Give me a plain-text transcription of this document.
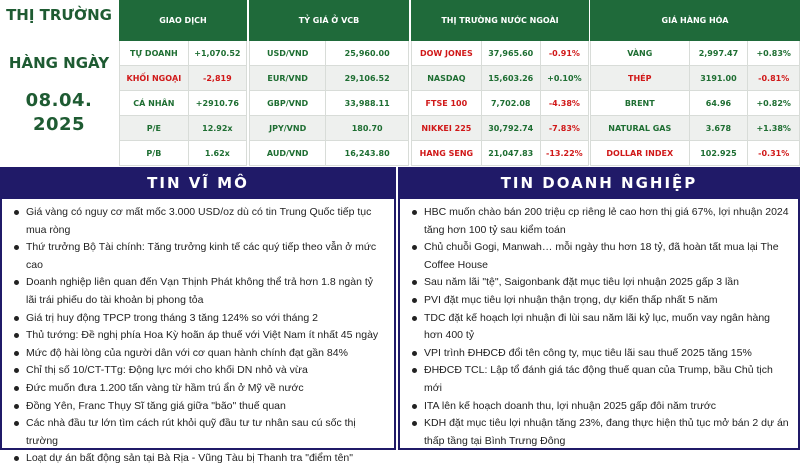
THỊ TRƯỜNG
HÀNG NGÀY
08.04.
2025
GIAO DỊCH	
TỰ DOANH	+1,070.52
KHỐI NGOẠI	-2,819
CÁ NHÂN	+2910.76
P/E	12.92x
P/B	1.62x
TỶ GIÁ Ở VCB	
USD/VND	25,960.00
EUR/VND	29,106.52
GBP/VND	33,988.11
JPY/VND	180.70
AUD/VND	16,243.80
THỊ TRƯỜNG NƯỚC NGOÀI		
DOW JONES	37,965.60	-0.91%
NASDAQ	15,603.26	+0.10%
FTSE 100	7,702.08	-4.38%
NIKKEI 225	30,792.74	-7.83%
HANG SENG	21,047.83	-13.22%
GIÁ HÀNG HÓA		
VÀNG	2,997.47	+0.83%
THÉP	3191.00	-0.81%
BRENT	64.96	+0.82%
NATURAL GAS	3.678	+1.38%
DOLLAR INDEX	102.925	-0.31%
TIN VĨ MÔ
Giá vàng có nguy cơ mất mốc 3.000 USD/oz dù có tin Trung Quốc tiếp tục mua ròng
Thứ trưởng Bộ Tài chính: Tăng trưởng kinh tế các quý tiếp theo vẫn ở mức cao
Doanh nghiệp liên quan đến Vạn Thịnh Phát không thể trả hơn 1.8 ngàn tỷ lãi trái phiếu do tài khoản bị phong tỏa
Giá trị huy động TPCP trong tháng 3 tăng 124% so với tháng 2
Thủ tướng: Đề nghị phía Hoa Kỳ hoãn áp thuế với Việt Nam ít nhất 45 ngày
Mức độ hài lòng của người dân với cơ quan hành chính đạt gần 84%
Chỉ thị số 10/CT-TTg: Động lực mới cho khối DN nhỏ và vừa
Đức muốn đưa 1.200 tấn vàng từ hầm trú ẩn ở Mỹ về nước
Đồng Yên, Franc Thụy Sĩ tăng giá giữa "bão" thuế quan
Các nhà đầu tư lớn tìm cách rút khỏi quỹ đầu tư tư nhân sau cú sốc thị trường
Loạt dự án bất động sản tại Bà Rịa - Vũng Tàu bị Thanh tra "điểm tên"
TIN DOANH NGHIỆP
HBC muốn chào bán 200 triệu cp riêng lẻ cao hơn thị giá 67%, lợi nhuận 2024 tăng hơn 100 tỷ sau kiểm toán
Chủ chuỗi Gogi, Manwah… mỗi ngày thu hơn 18 tỷ, đã hoàn tất mua lại The Coffee House
Sau năm lãi "tệ", Saigonbank đặt mục tiêu lợi nhuận 2025 gấp 3 lần
PVI đặt mục tiêu lợi nhuận thận trọng, dự kiến thấp nhất 5 năm
TDC đặt kế hoạch lợi nhuận đi lùi sau năm lãi kỷ lục, muốn vay ngân hàng hơn 400 tỷ
VPI trình ĐHĐCĐ đổi tên công ty, mục tiêu lãi sau thuế 2025 tăng 15%
ĐHĐCĐ TCL: Lập tổ đánh giá tác động thuế quan của Trump, bầu Chủ tịch mới
ITA lên kế hoạch doanh thu, lợi nhuận 2025 gấp đôi năm trước
KDH đặt mục tiêu lợi nhuận tăng 23%, đang thực hiện thủ tục mở bán 2 dự án thấp tầng tại Bình Trưng Đông
